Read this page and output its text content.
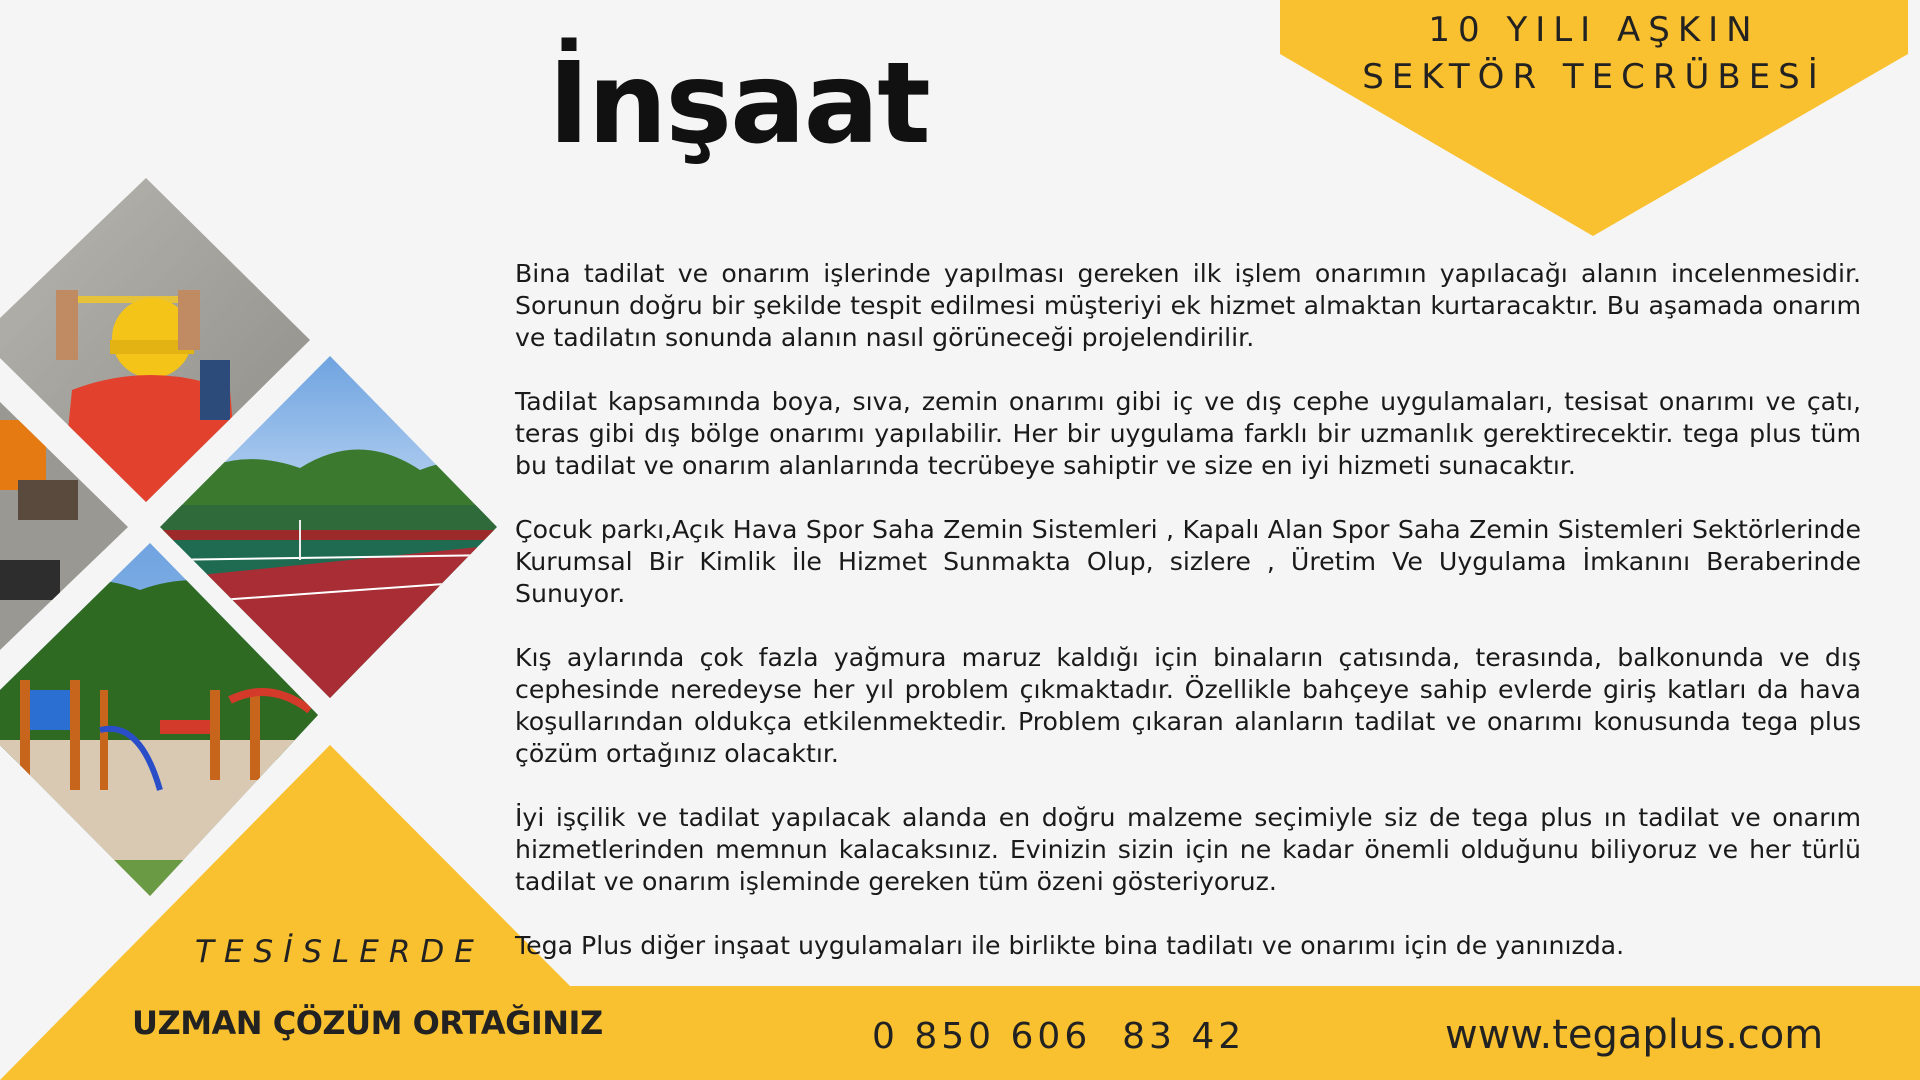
10 YILI AŞKIN
SEKTÖR TECRÜBESİ
İnşaat

Bina tadilat ve onarım işlerinde yapılması gereken ilk işlem onarımın yapılacağı alanın incelenmesidir. Sorunun doğru bir şekilde tespit edilmesi müşteriyi ek hizmet almaktan kurtaracaktır. Bu aşamada onarım ve tadilatın sonunda alanın nasıl görüneceği projelendirilir.

Tadilat kapsamında boya, sıva, zemin onarımı gibi iç ve dış cephe uygulamaları, tesisat onarımı ve çatı, teras gibi dış bölge onarımı yapılabilir. Her bir uygulama farklı bir uzmanlık gerektirecektir. tega plus tüm bu tadilat ve onarım alanlarında tecrübeye sahiptir ve size en iyi hizmeti sunacaktır.

Çocuk parkı,Açık Hava Spor Saha Zemin Sistemleri , Kapalı Alan Spor Saha Zemin Sistemleri Sektörlerinde Kurumsal Bir Kimlik İle Hizmet Sunmakta Olup, sizlere , Üretim Ve Uygulama İmkanını Beraberinde Sunuyor.

Kış aylarında çok fazla yağmura maruz kaldığı için binaların çatısında, terasında, balkonunda ve dış cephesinde neredeyse her yıl problem çıkmaktadır. Özellikle bahçeye sahip evlerde giriş katları da hava koşullarından oldukça etkilenmektedir. Problem çıkaran alanların tadilat ve onarımı konusunda tega plus çözüm ortağınız olacaktır.

İyi işçilik ve tadilat yapılacak alanda en doğru malzeme seçimiyle siz de tega plus ın tadilat ve onarım hizmetlerinden memnun kalacaksınız. Evinizin sizin için ne kadar önemli olduğunu biliyoruz ve her türlü tadilat ve onarım işleminde gereken tüm özeni gösteriyoruz.

Tega Plus diğer inşaat uygulamaları ile birlikte bina tadilatı ve onarımı için de yanınızda.

TESİSLERDE
UZMAN ÇÖZÜM ORTAĞINIZ	0 850 606  83 42	www.tegaplus.com
